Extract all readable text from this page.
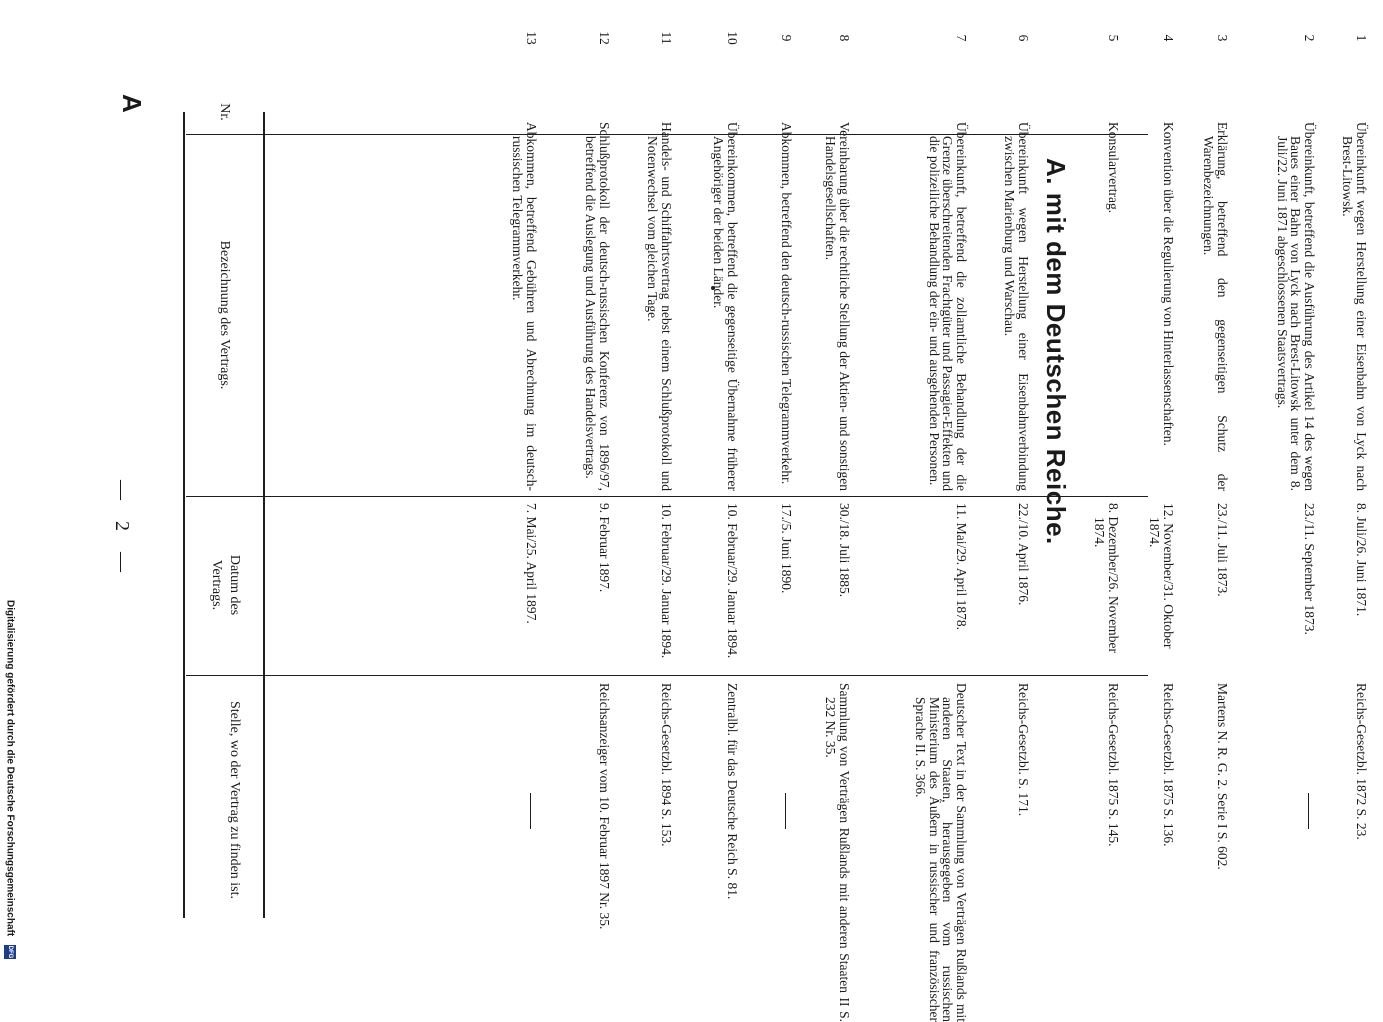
A
— 2 —
Nr.
Bezeichnung des Vertrags.
Datum des Vertrags.
Stelle, wo der Vertrag zu finden ist.
A. mit dem Deutschen Reiche.
1
Übereinkunft wegen Herstellung einer Eisenbahn von Lyck nach Brest-Litowsk.
8. Juli/26. Juni 1871.
Reichs-Gesetzbl. 1872 S. 23.
2
Übereinkunft, betreffend die Ausführung des Artikel 14 des wegen Baues einer Bahn von Lyck nach Brest-Litowsk unter dem 8. Juli/22. Juni 1871 abgeschlossenen Staatsvertrags.
23./11. September 1873.
3
Erklärung, betreffend den gegenseitigen Schutz der Warenbezeichnungen.
23./11. Juli 1873.
Martens N. R. G. 2. Serie I S. 602.
4
Konvention über die Regulierung von Hinterlassenschaften.
12. November/31. Oktober 1874.
Reichs-Gesetzbl. 1875 S. 136.
5
Konsularvertrag.
8. Dezember/26. November 1874.
Reichs-Gesetzbl. 1875 S. 145.
6
Übereinkunft wegen Herstellung einer Eisenbahnverbindung zwischen Marienburg und Warschau.
22./10. April 1876.
Reichs-Gesetzbl. S. 171.
7
Übereinkunft, betreffend die zollamtliche Behandlung der die Grenze überschreitenden Frachtgüter und Passagier-Effekten und die polizeiliche Behandlung der ein- und ausgehenden Personen.
11. Mai/29. April 1878.
Deutscher Text in der Sammlung von Verträgen Rußlands mit anderen Staaten, herausgegeben vom russischen Ministerium des Äußern in russischer und französischer Sprache II. S. 366.
8
Vereinbarung über die rechtliche Stellung der Aktien- und sonstigen Handelsgesellschaften.
30./18. Juli 1885.
Sammlung von Verträgen Rußlands mit anderen Staaten II S. 232 Nr. 35.
9
Abkommen, betreffend den deutsch-russischen Telegrammverkehr.
17./5. Juni 1890.
10
Übereinkommen, betreffend die gegenseitige Übernahme früherer Angehöriger der beiden Länder.
10. Februar/29. Januar 1894.
Zentralbl. für das Deutsche Reich S. 81.
11
Handels- und Schiffahrtsvertrag nebst einem Schlußprotokoll und Notenwechsel vom gleichen Tage.
10. Februar/29. Januar 1894.
Reichs-Gesetzbl. 1894 S. 153.
12
Schlußprotokoll der deutsch-russischen Konferenz von 1896/97, betreffend die Auslegung und Ausführung des Handelsvertrags.
9. Februar 1897.
Reichsanzeiger vom 10. Februar 1897 Nr. 35.
13
Abkommen, betreffend Gebühren und Abrechnung im deutsch-russischen Telegrammverkehr.
7. Mai/25. April 1897.
Digitalisierung gefördert durch die Deutsche Forschungsgemeinschaft DFG
